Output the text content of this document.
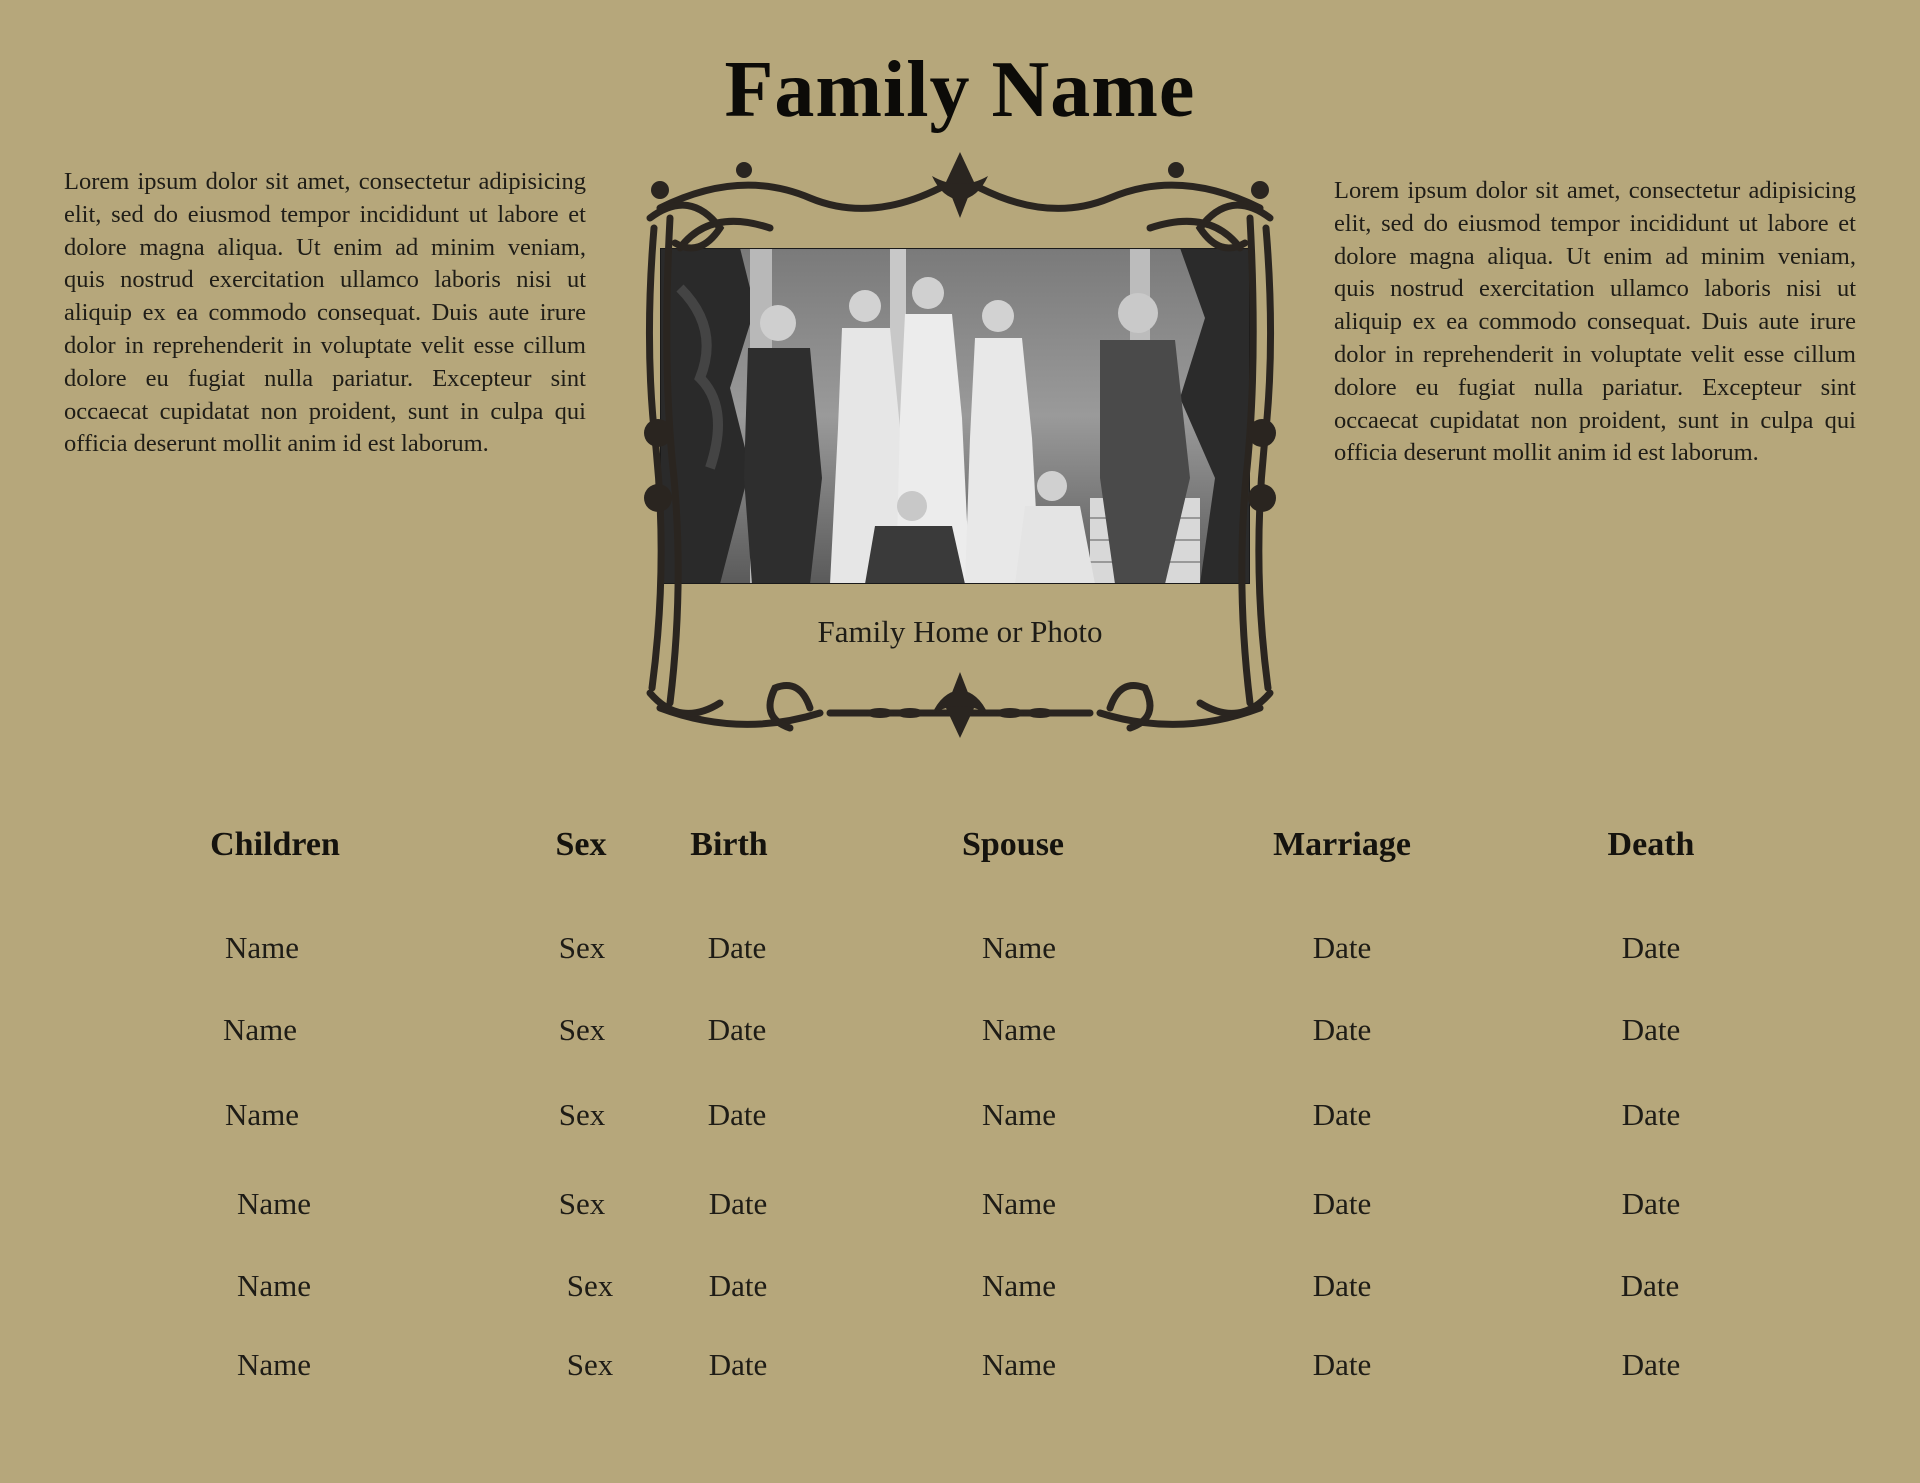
Family Name
Lorem ipsum dolor sit amet, consectetur adipisicing elit, sed do eiusmod tempor incididunt ut labore et dolore magna aliqua. Ut enim ad minim veniam, quis nostrud exercitation ullamco laboris nisi ut aliquip ex ea commodo consequat. Duis aute irure dolor in reprehenderit in voluptate velit esse cillum dolore eu fugiat nulla pariatur. Excepteur sint occaecat cupidatat non proident, sunt in culpa qui officia deserunt mollit anim id est laborum.
Lorem ipsum dolor sit amet, consectetur adipisicing elit, sed do eiusmod tempor incididunt ut labore et dolore magna aliqua. Ut enim ad minim veniam, quis nostrud exercitation ullamco laboris nisi ut aliquip ex ea commodo consequat. Duis aute irure dolor in reprehenderit in voluptate velit esse cillum dolore eu fugiat nulla pariatur. Excepteur sint occaecat cupidatat non proident, sunt in culpa qui officia deserunt mollit anim id est laborum.
Family Home or Photo
Children	Sex Birth	Spouse	Marriage	Death
Name	Sex	Date	Name	Date	Date
Name	Sex	Date	Name	Date	Date
Name	Sex	Date	Name	Date	Date
Name	Sex	Date	Name	Date	Date
Name	Sex	Date	Name	Date	Date
Name	Sex	Date	Name	Date	Date
